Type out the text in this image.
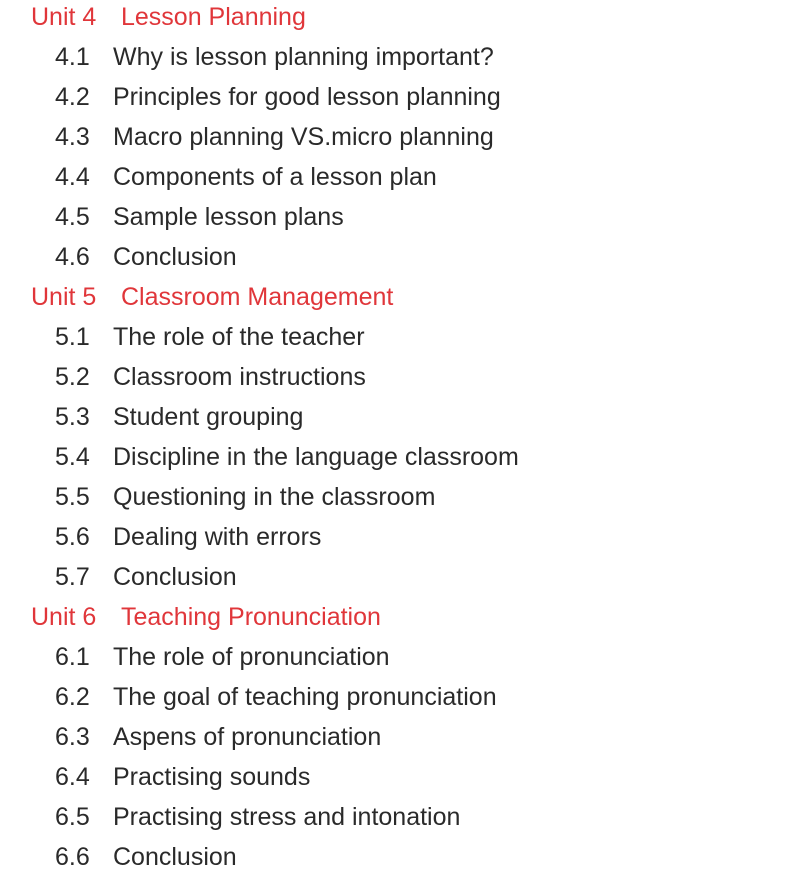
Unit 4 Lesson Planning
4.1 Why is lesson planning important?
4.2 Principles for good lesson planning
4.3 Macro planning VS.micro planning
4.4 Components of a lesson plan
4.5 Sample lesson plans
4.6 Conclusion
Unit 5 Classroom Management
5.1 The role of the teacher
5.2 Classroom instructions
5.3 Student grouping
5.4 Discipline in the language classroom
5.5 Questioning in the classroom
5.6 Dealing with errors
5.7 Conclusion
Unit 6 Teaching Pronunciation
6.1 The role of pronunciation
6.2 The goal of teaching pronunciation
6.3 Aspens of pronunciation
6.4 Practising sounds
6.5 Practising stress and intonation
6.6 Conclusion
